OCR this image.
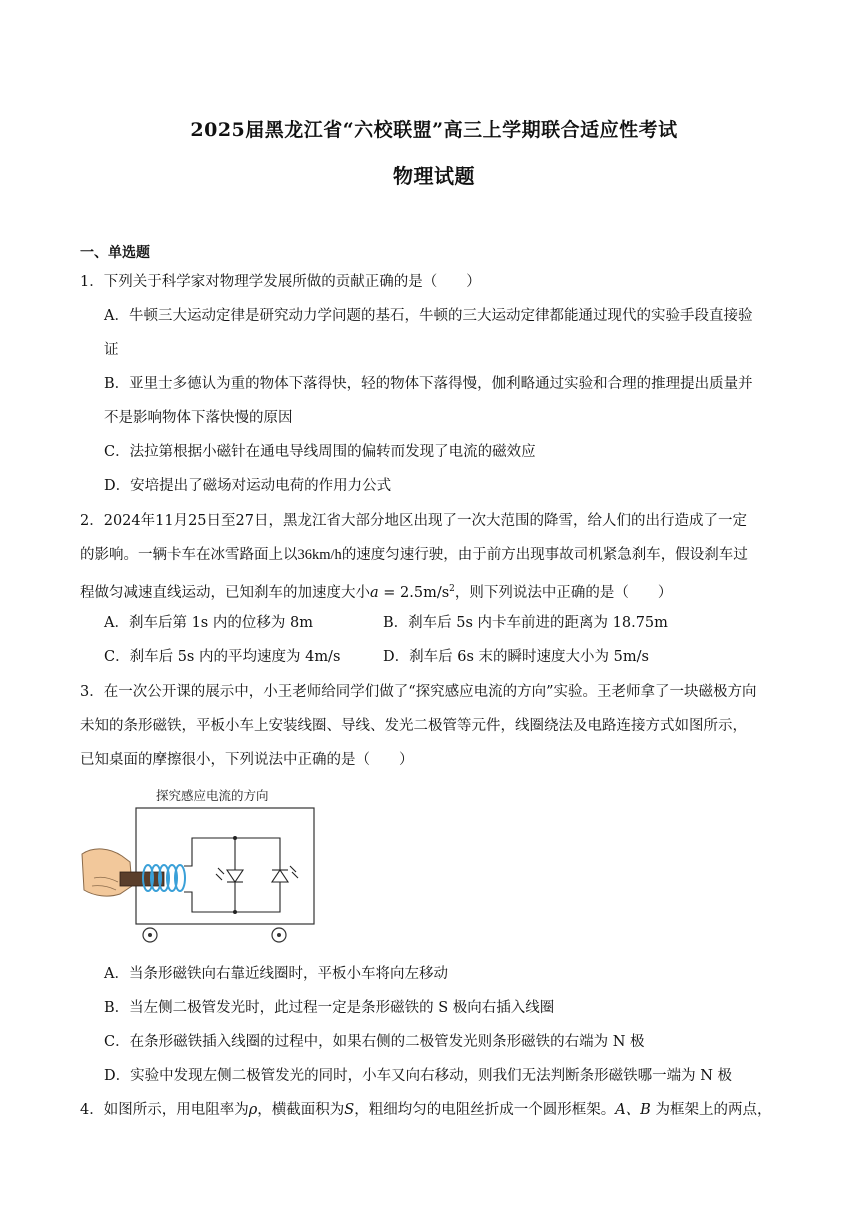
2025届黑龙江省“六校联盟”高三上学期联合适应性考试
物理试题
一、单选题
1．下列关于科学家对物理学发展所做的贡献正确的是（　　）
A．牛顿三大运动定律是研究动力学问题的基石，牛顿的三大运动定律都能通过现代的实验手段直接验
证
B．亚里士多德认为重的物体下落得快，轻的物体下落得慢，伽利略通过实验和合理的推理提出质量并
不是影响物体下落快慢的原因
C．法拉第根据小磁针在通电导线周围的偏转而发现了电流的磁效应
D．安培提出了磁场对运动电荷的作用力公式
2．2024年11月25日至27日，黑龙江省大部分地区出现了一次大范围的降雪，给人们的出行造成了一定
的影响。一辆卡车在冰雪路面上以36km/h的速度匀速行驶，由于前方出现事故司机紧急刹车，假设刹车过
程做匀减速直线运动，已知刹车的加速度大小$a = 2.5m/s^2$，则下列说法中正确的是（　　）
A．刹车后第 1s 内的位移为 8m	B．刹车后 5s 内卡车前进的距离为 18.75m
C．刹车后 5s 内的平均速度为 4m/s	D．刹车后 6s 末的瞬时速度大小为 5m/s
3．在一次公开课的展示中，小王老师给同学们做了“探究感应电流的方向”实验。王老师拿了一块磁极方向
未知的条形磁铁，平板小车上安装线圈、导线、发光二极管等元件，线圈绕法及电路连接方式如图所示，
已知桌面的摩擦很小，下列说法中正确的是（　　）
探究感应电流的方向
A．当条形磁铁向右靠近线圈时，平板小车将向左移动
B．当左侧二极管发光时，此过程一定是条形磁铁的 S 极向右插入线圈
C．在条形磁铁插入线圈的过程中，如果右侧的二极管发光则条形磁铁的右端为 N 极
D．实验中发现左侧二极管发光的同时，小车又向右移动，则我们无法判断条形磁铁哪一端为 N 极
4．如图所示，用电阻率为ρ，横截面积为S，粗细均匀的电阻丝折成一个圆形框架。A、B 为框架上的两点，
